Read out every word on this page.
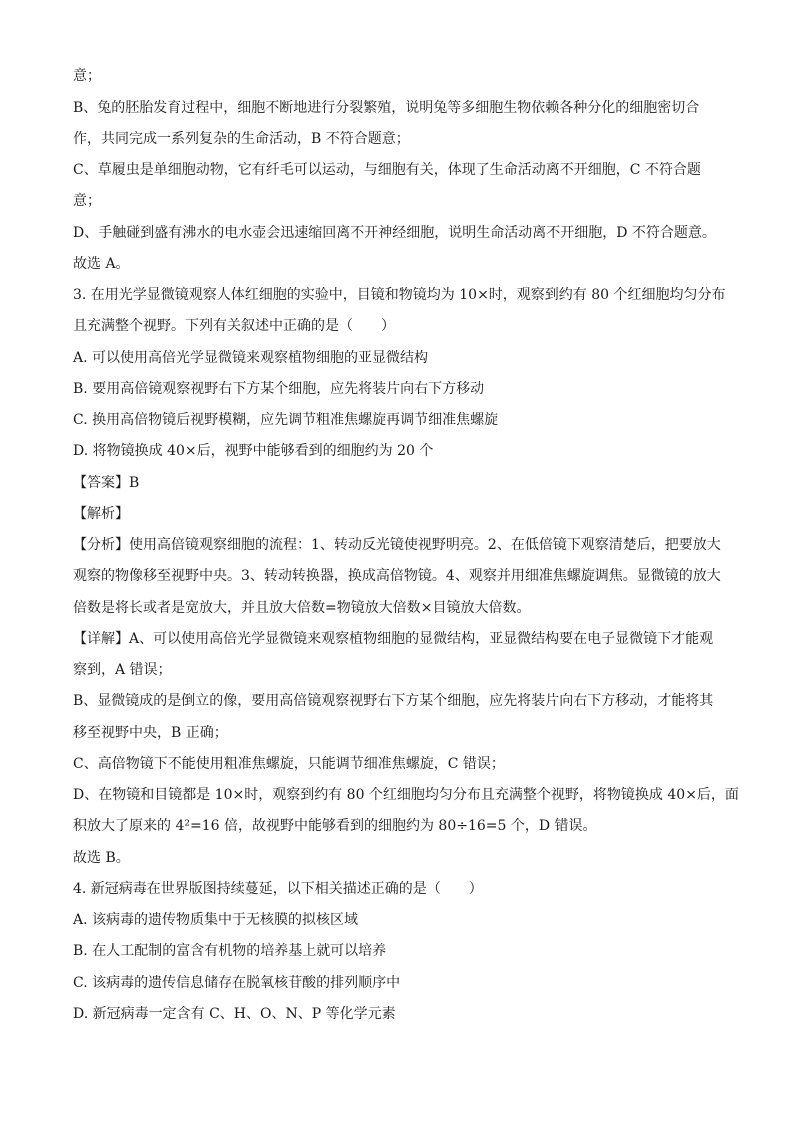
意；
B、兔的胚胎发育过程中，细胞不断地进行分裂繁殖，说明兔等多细胞生物依赖各种分化的细胞密切合
作，共同完成一系列复杂的生命活动，B 不符合题意；
C、草履虫是单细胞动物，它有纤毛可以运动，与细胞有关，体现了生命活动离不开细胞，C 不符合题
意；
D、手触碰到盛有沸水的电水壶会迅速缩回离不开神经细胞，说明生命活动离不开细胞，D 不符合题意。
故选 A。
3. 在用光学显微镜观察人体红细胞的实验中，目镜和物镜均为 10×时，观察到约有 80 个红细胞均匀分布
且充满整个视野。下列有关叙述中正确的是（　　）
A. 可以使用高倍光学显微镜来观察植物细胞的亚显微结构
B. 要用高倍镜观察视野右下方某个细胞，应先将装片向右下方移动
C. 换用高倍物镜后视野模糊，应先调节粗准焦螺旋再调节细准焦螺旋
D. 将物镜换成 40×后，视野中能够看到的细胞约为 20 个
【答案】B
【解析】
【分析】使用高倍镜观察细胞的流程：1、转动反光镜使视野明亮。2、在低倍镜下观察清楚后，把要放大
观察的物像移至视野中央。3、转动转换器，换成高倍物镜。4、观察并用细准焦螺旋调焦。显微镜的放大
倍数是将长或者是宽放大，并且放大倍数=物镜放大倍数×目镜放大倍数。
【详解】A、可以使用高倍光学显微镜来观察植物细胞的显微结构，亚显微结构要在电子显微镜下才能观
察到，A 错误；
B、显微镜成的是倒立的像，要用高倍镜观察视野右下方某个细胞，应先将装片向右下方移动，才能将其
移至视野中央，B 正确；
C、高倍物镜下不能使用粗准焦螺旋，只能调节细准焦螺旋，C 错误；
D、在物镜和目镜都是 10×时，观察到约有 80 个红细胞均匀分布且充满整个视野，将物镜换成 40×后，面
积放大了原来的 4²=16 倍，故视野中能够看到的细胞约为 80÷16=5 个，D 错误。
故选 B。
4. 新冠病毒在世界版图持续蔓延，以下相关描述正确的是（　　）
A. 该病毒的遗传物质集中于无核膜的拟核区域
B. 在人工配制的富含有机物的培养基上就可以培养
C. 该病毒的遗传信息储存在脱氧核苷酸的排列顺序中
D. 新冠病毒一定含有 C、H、O、N、P 等化学元素
